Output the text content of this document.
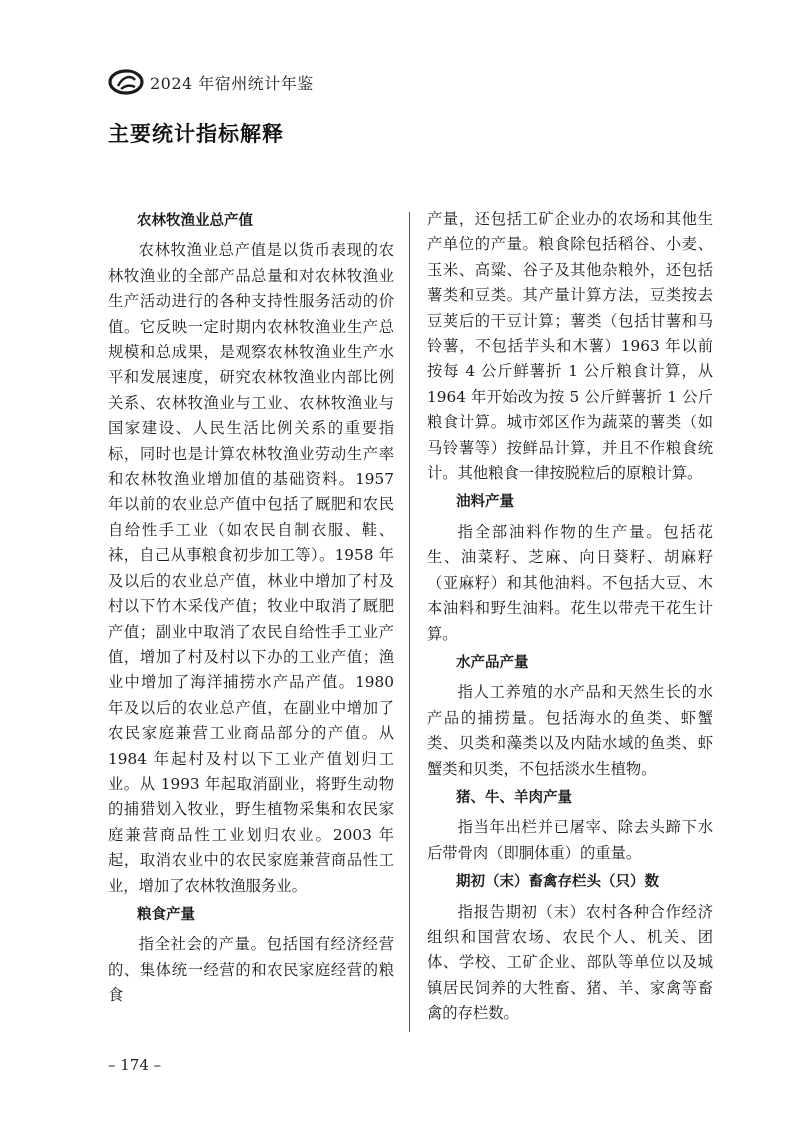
2024 年宿州统计年鉴
主要统计指标解释
农林牧渔业总产值

农林牧渔业总产值是以货币表现的农林牧渔业的全部产品总量和对农林牧渔业生产活动进行的各种支持性服务活动的价值。它反映一定时期内农林牧渔业生产总规模和总成果，是观察农林牧渔业生产水平和发展速度，研究农林牧渔业内部比例关系、农林牧渔业与工业、农林牧渔业与国家建设、人民生活比例关系的重要指标，同时也是计算农林牧渔业劳动生产率和农林牧渔业增加值的基础资料。1957 年以前的农业总产值中包括了厩肥和农民自给性手工业（如农民自制衣服、鞋、袜，自己从事粮食初步加工等）。1958 年及以后的农业总产值，林业中增加了村及村以下竹木采伐产值；牧业中取消了厩肥产值；副业中取消了农民自给性手工业产值，增加了村及村以下办的工业产值；渔业中增加了海洋捕捞水产品产值。1980 年及以后的农业总产值，在副业中增加了农民家庭兼营工业商品部分的产值。从 1984 年起村及村以下工业产值划归工业。从 1993 年起取消副业，将野生动物的捕猎划入牧业，野生植物采集和农民家庭兼营商品性工业划归农业。2003 年起，取消农业中的农民家庭兼营商品性工业，增加了农林牧渔服务业。

粮食产量

指全社会的产量。包括国有经济经营的、集体统一经营的和农民家庭经营的粮食

产量，还包括工矿企业办的农场和其他生产单位的产量。粮食除包括稻谷、小麦、玉米、高粱、谷子及其他杂粮外，还包括薯类和豆类。其产量计算方法，豆类按去豆荚后的干豆计算；薯类（包括甘薯和马铃薯，不包括芋头和木薯）1963 年以前按每 4 公斤鲜薯折 1 公斤粮食计算，从 1964 年开始改为按 5 公斤鲜薯折 1 公斤粮食计算。城市郊区作为蔬菜的薯类（如马铃薯等）按鲜品计算，并且不作粮食统计。其他粮食一律按脱粒后的原粮计算。

油料产量

指全部油料作物的生产量。包括花生、油菜籽、芝麻、向日葵籽、胡麻籽（亚麻籽）和其他油料。不包括大豆、木本油料和野生油料。花生以带壳干花生计算。

水产品产量

指人工养殖的水产品和天然生长的水产品的捕捞量。包括海水的鱼类、虾蟹类、贝类和藻类以及内陆水域的鱼类、虾蟹类和贝类，不包括淡水生植物。

猪、牛、羊肉产量

指当年出栏并已屠宰、除去头蹄下水后带骨肉（即胴体重）的重量。

期初（末）畜禽存栏头（只）数

指报告期初（末）农村各种合作经济组织和国营农场、农民个人、机关、团体、学校、工矿企业、部队等单位以及城镇居民饲养的大牲畜、猪、羊、家禽等畜禽的存栏数。

– 174 –
